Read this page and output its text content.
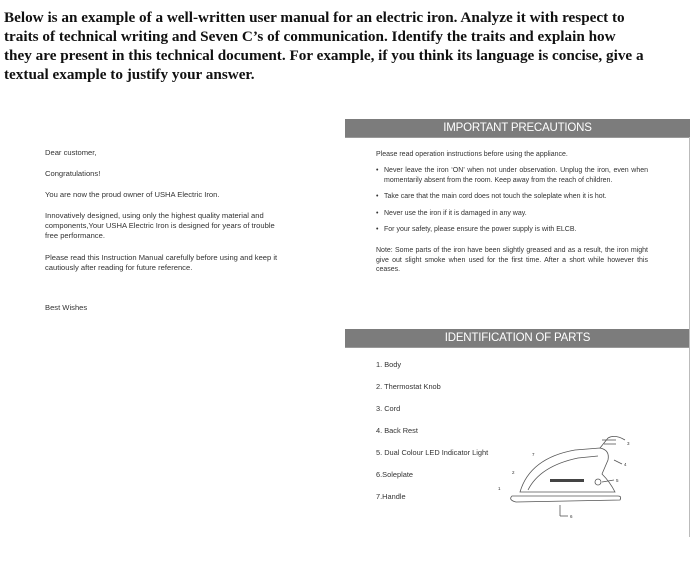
Below is an example of a well-written user manual for an electric iron. Analyze it with respect to traits of technical writing and Seven C’s of communication. Identify the traits and explain how they are present in this technical document. For example, if you think its language is concise, give a textual example to justify your answer.

Dear customer,

Congratulations!

You are now the proud owner of USHA Electric Iron.

Innovatively designed, using only the highest quality material and components,Your USHA Electric Iron is designed for years of trouble free performance.

Please read this Instruction Manual carefully before using and keep it cautiously after reading for future reference.

Best Wishes

IMPORTANT PRECAUTIONS

Please read operation instructions before using the appliance.

• Never leave the iron ‘ON’ when not under observation. Unplug the iron, even when momentarily absent from the room. Keep away from the reach of children.
• Take care that the main cord does not touch the soleplate when it is hot.
• Never use the iron if it is damaged in any way.
• For your safety, please ensure the power supply is with ELCB.

Note: Some parts of the iron have been slightly greased and as a result, the iron might give out slight smoke when used for the first time. After a short while however this ceases.

IDENTIFICATION OF PARTS
1. Body
2. Thermostat Knob
3. Cord
4. Back Rest
5. Dual Colour LED Indicator Light
6.Soleplate
7.Handle
1
2
3
4
5
6
7
